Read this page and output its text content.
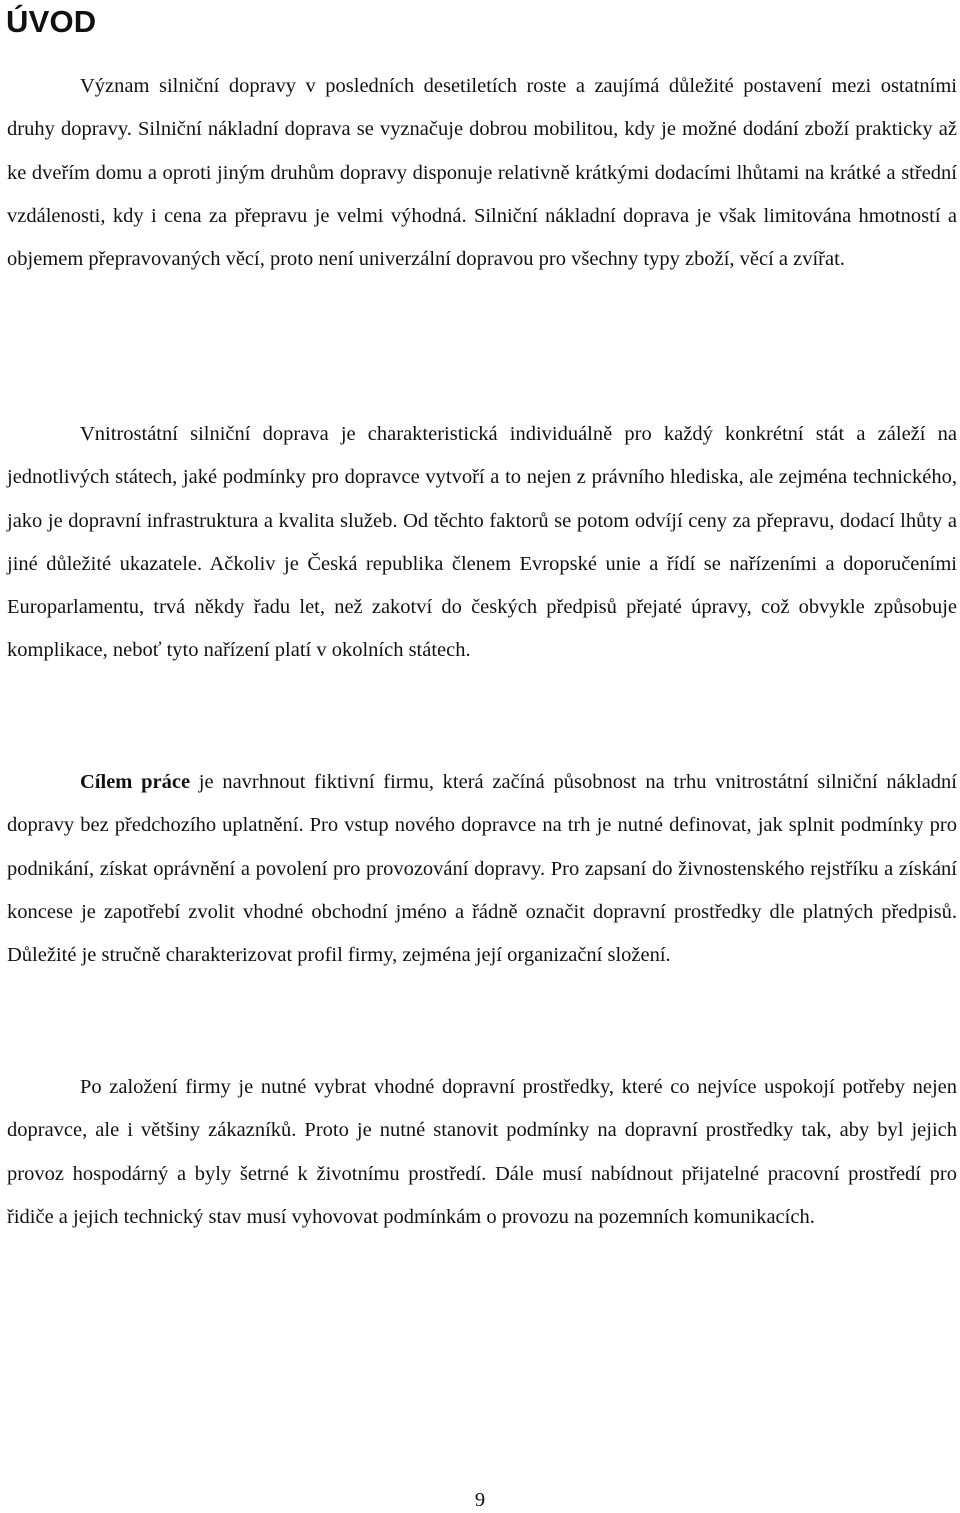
ÚVOD

Význam silniční dopravy v posledních desetiletích roste a zaujímá důležité postavení mezi ostatními druhy dopravy. Silniční nákladní doprava se vyznačuje dobrou mobilitou, kdy je možné dodání zboží prakticky až ke dveřím domu a oproti jiným druhům dopravy disponuje relativně krátkými dodacími lhůtami na krátké a střední vzdálenosti, kdy i cena za přepravu je velmi výhodná. Silniční nákladní doprava je však limitována hmotností a objemem přepravovaných věcí, proto není univerzální dopravou pro všechny typy zboží, věcí a zvířat.

Vnitrostátní silniční doprava je charakteristická individuálně pro každý konkrétní stát a záleží na jednotlivých státech, jaké podmínky pro dopravce vytvoří a to nejen z právního hlediska, ale zejména technického, jako je dopravní infrastruktura a kvalita služeb. Od těchto faktorů se potom odvíjí ceny za přepravu, dodací lhůty a jiné důležité ukazatele. Ačkoliv je Česká republika členem Evropské unie a řídí se nařízeními a doporučeními Europarlamentu, trvá někdy řadu let, než zakotví do českých předpisů přejaté úpravy, což obvykle způsobuje komplikace, neboť tyto nařízení platí v okolních státech.

Cílem práce je navrhnout fiktivní firmu, která začíná působnost na trhu vnitrostátní silniční nákladní dopravy bez předchozího uplatnění. Pro vstup nového dopravce na trh je nutné definovat, jak splnit podmínky pro podnikání, získat oprávnění a povolení pro provozování dopravy. Pro zapsaní do živnostenského rejstříku a získání koncese je zapotřebí zvolit vhodné obchodní jméno a řádně označit dopravní prostředky dle platných předpisů. Důležité je stručně charakterizovat profil firmy, zejména její organizační složení.

Po založení firmy je nutné vybrat vhodné dopravní prostředky, které co nejvíce uspokojí potřeby nejen dopravce, ale i většiny zákazníků. Proto je nutné stanovit podmínky na dopravní prostředky tak, aby byl jejich provoz hospodárný a byly šetrné k životnímu prostředí. Dále musí nabídnout přijatelné pracovní prostředí pro řidiče a jejich technický stav musí vyhovovat podmínkám o provozu na pozemních komunikacích.

9
